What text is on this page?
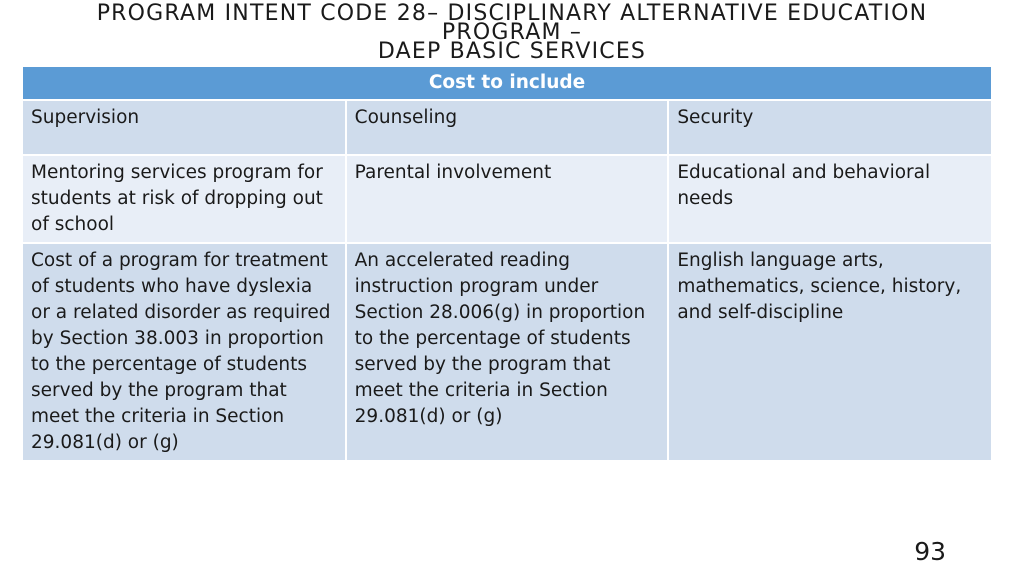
PROGRAM INTENT CODE 28– DISCIPLINARY ALTERNATIVE EDUCATION
PROGRAM –
DAEP BASIC SERVICES
Cost to include		
Supervision	Counseling	Security
Mentoring services program for students at risk of dropping out of school	Parental involvement	Educational and behavioral needs
Cost of a program for treatment of students who have dyslexia or a related disorder as required by Section 38.003 in proportion to the percentage of students served by the program that meet the criteria in Section 29.081(d) or (g)	An accelerated reading instruction program under Section 28.006(g) in proportion to the percentage of students served by the program that meet the criteria in Section 29.081(d) or (g)	English language arts, mathematics, science, history, and self-discipline
93
